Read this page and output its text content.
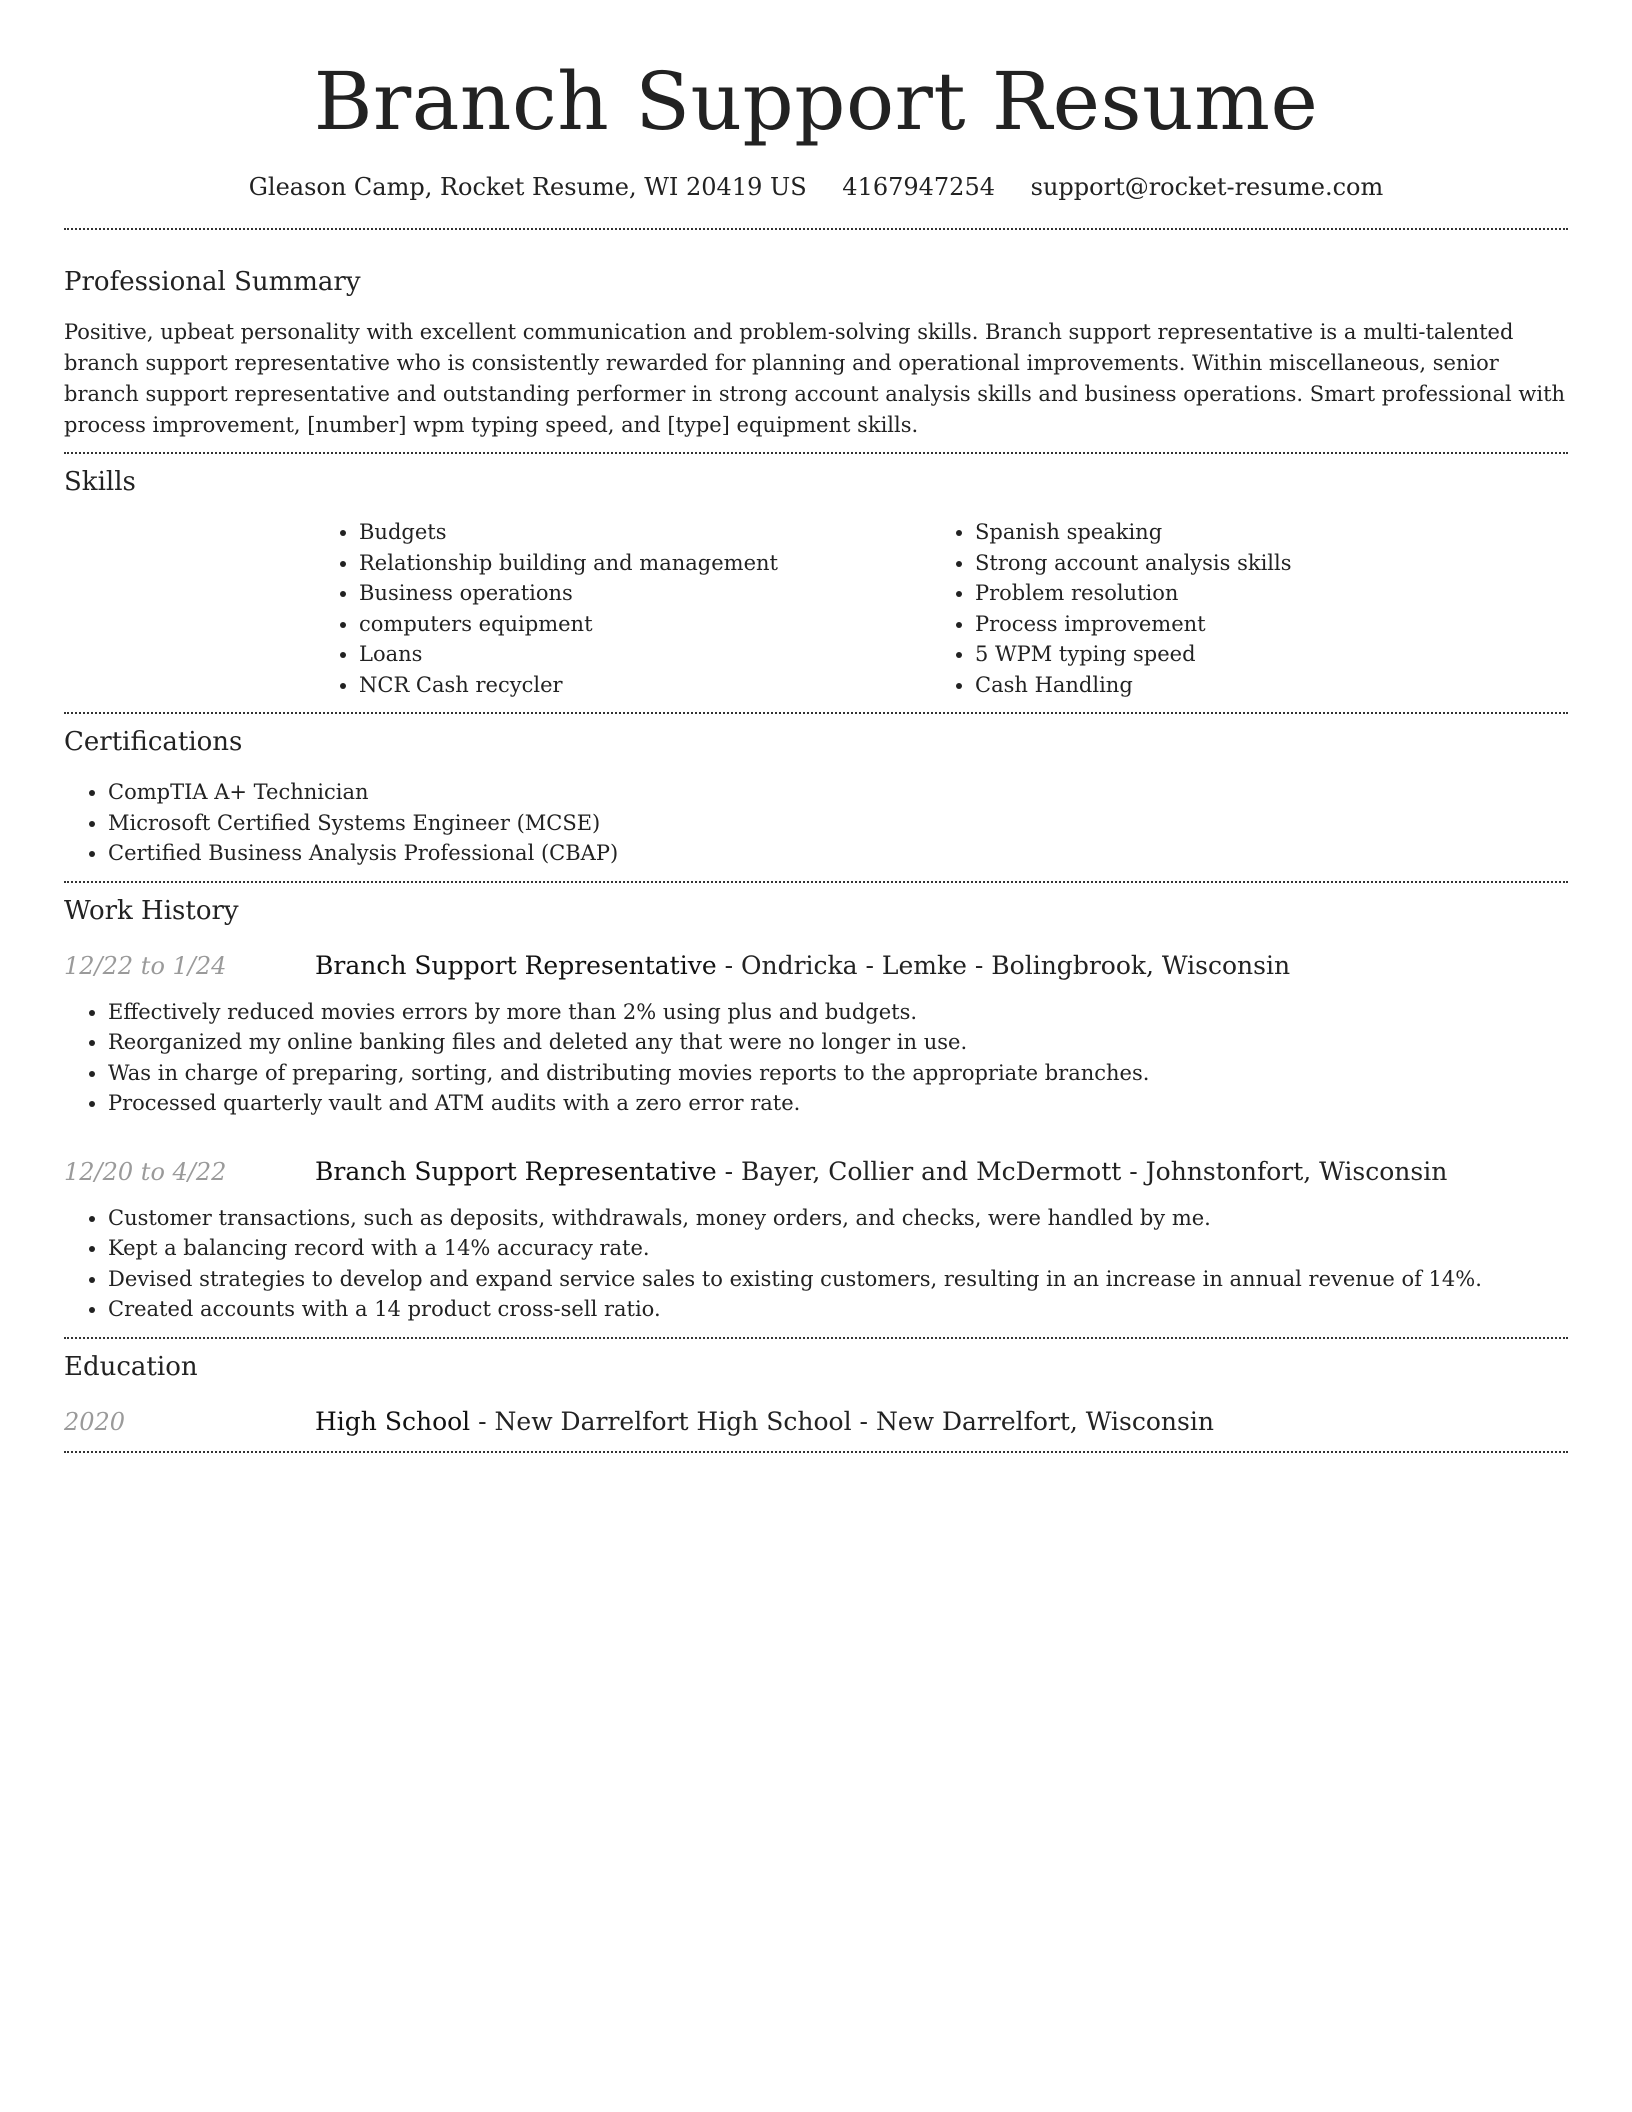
Branch Support Resume
Gleason Camp, Rocket Resume, WI 20419 US 4167947254 support@rocket-resume.com
Professional Summary

Positive, upbeat personality with excellent communication and problem-solving skills. Branch support representative is a multi-talented branch support representative who is consistently rewarded for planning and operational improvements. Within miscellaneous, senior branch support representative and outstanding performer in strong account analysis skills and business operations. Smart professional with process improvement, [number] wpm typing speed, and [type] equipment skills.

Skills
• Budgets
• Relationship building and management
• Business operations
• computers equipment
• Loans
• NCR Cash recycler
• Spanish speaking
• Strong account analysis skills
• Problem resolution
• Process improvement
• 5 WPM typing speed
• Cash Handling
Certifications
• CompTIA A+ Technician
• Microsoft Certified Systems Engineer (MCSE)
• Certified Business Analysis Professional (CBAP)
Work History
12/22 to 1/24	Branch Support Representative - Ondricka - Lemke - Bolingbrook, Wisconsin
• Effectively reduced movies errors by more than 2% using plus and budgets.
• Reorganized my online banking files and deleted any that were no longer in use.
• Was in charge of preparing, sorting, and distributing movies reports to the appropriate branches.
• Processed quarterly vault and ATM audits with a zero error rate.
12/20 to 4/22	Branch Support Representative - Bayer, Collier and McDermott - Johnstonfort, Wisconsin
• Customer transactions, such as deposits, withdrawals, money orders, and checks, were handled by me.
• Kept a balancing record with a 14% accuracy rate.
• Devised strategies to develop and expand service sales to existing customers, resulting in an increase in annual revenue of 14%.
• Created accounts with a 14 product cross-sell ratio.
Education
2020	High School - New Darrelfort High School - New Darrelfort, Wisconsin
